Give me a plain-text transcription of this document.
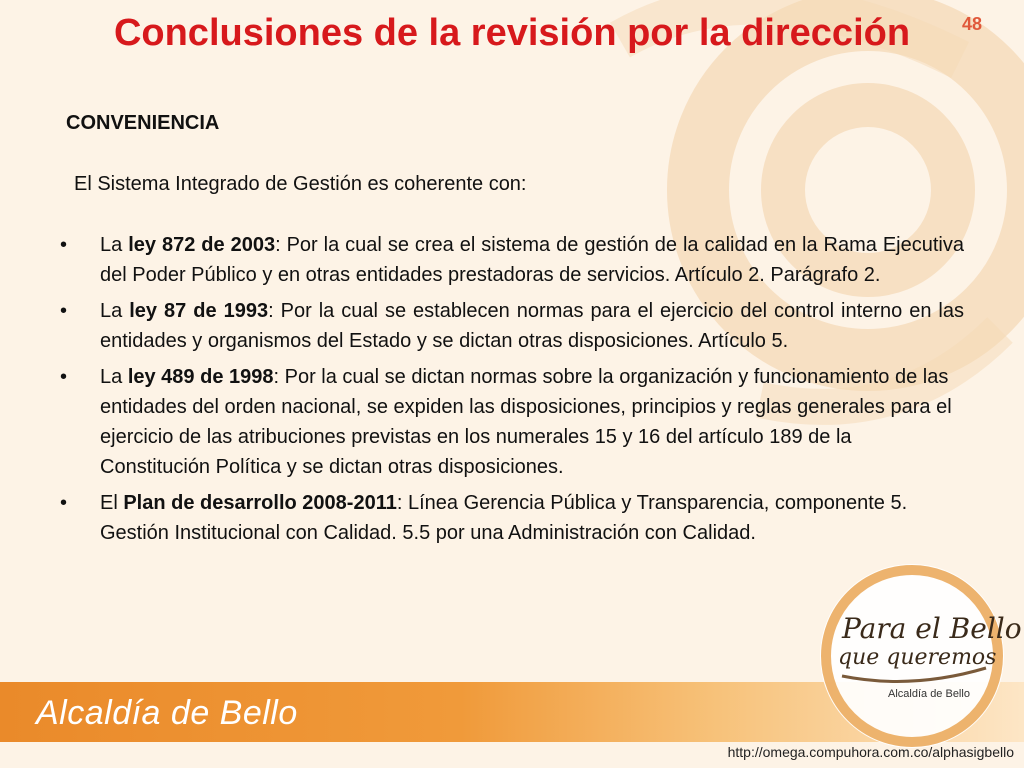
Conclusiones de la revisión por la dirección	48
CONVENIENCIA
El Sistema Integrado de Gestión es coherente con:
• La ley 872 de 2003: Por la cual se crea el sistema de gestión de la calidad en la Rama Ejecutiva del Poder Público y en otras entidades prestadoras de servicios. Artículo 2. Parágrafo 2.
• La ley 87 de 1993: Por la cual se establecen normas para el ejercicio del control interno en las entidades y organismos del Estado y se dictan otras disposiciones. Artículo 5.
• La ley 489 de 1998: Por la cual se dictan normas sobre la organización y funcionamiento de las entidades del orden nacional, se expiden las disposiciones, principios y reglas generales para el ejercicio de las atribuciones previstas en los numerales 15 y 16 del artículo 189 de la Constitución Política y se dictan otras disposiciones.
• El Plan de desarrollo 2008-2011: Línea Gerencia Pública y Transparencia, componente 5. Gestión Institucional con Calidad. 5.5 por una Administración con Calidad.
Alcaldía de Bello
Para el Bello
que queremos
Alcaldía de Bello
http://omega.compuhora.com.co/alphasigbello
